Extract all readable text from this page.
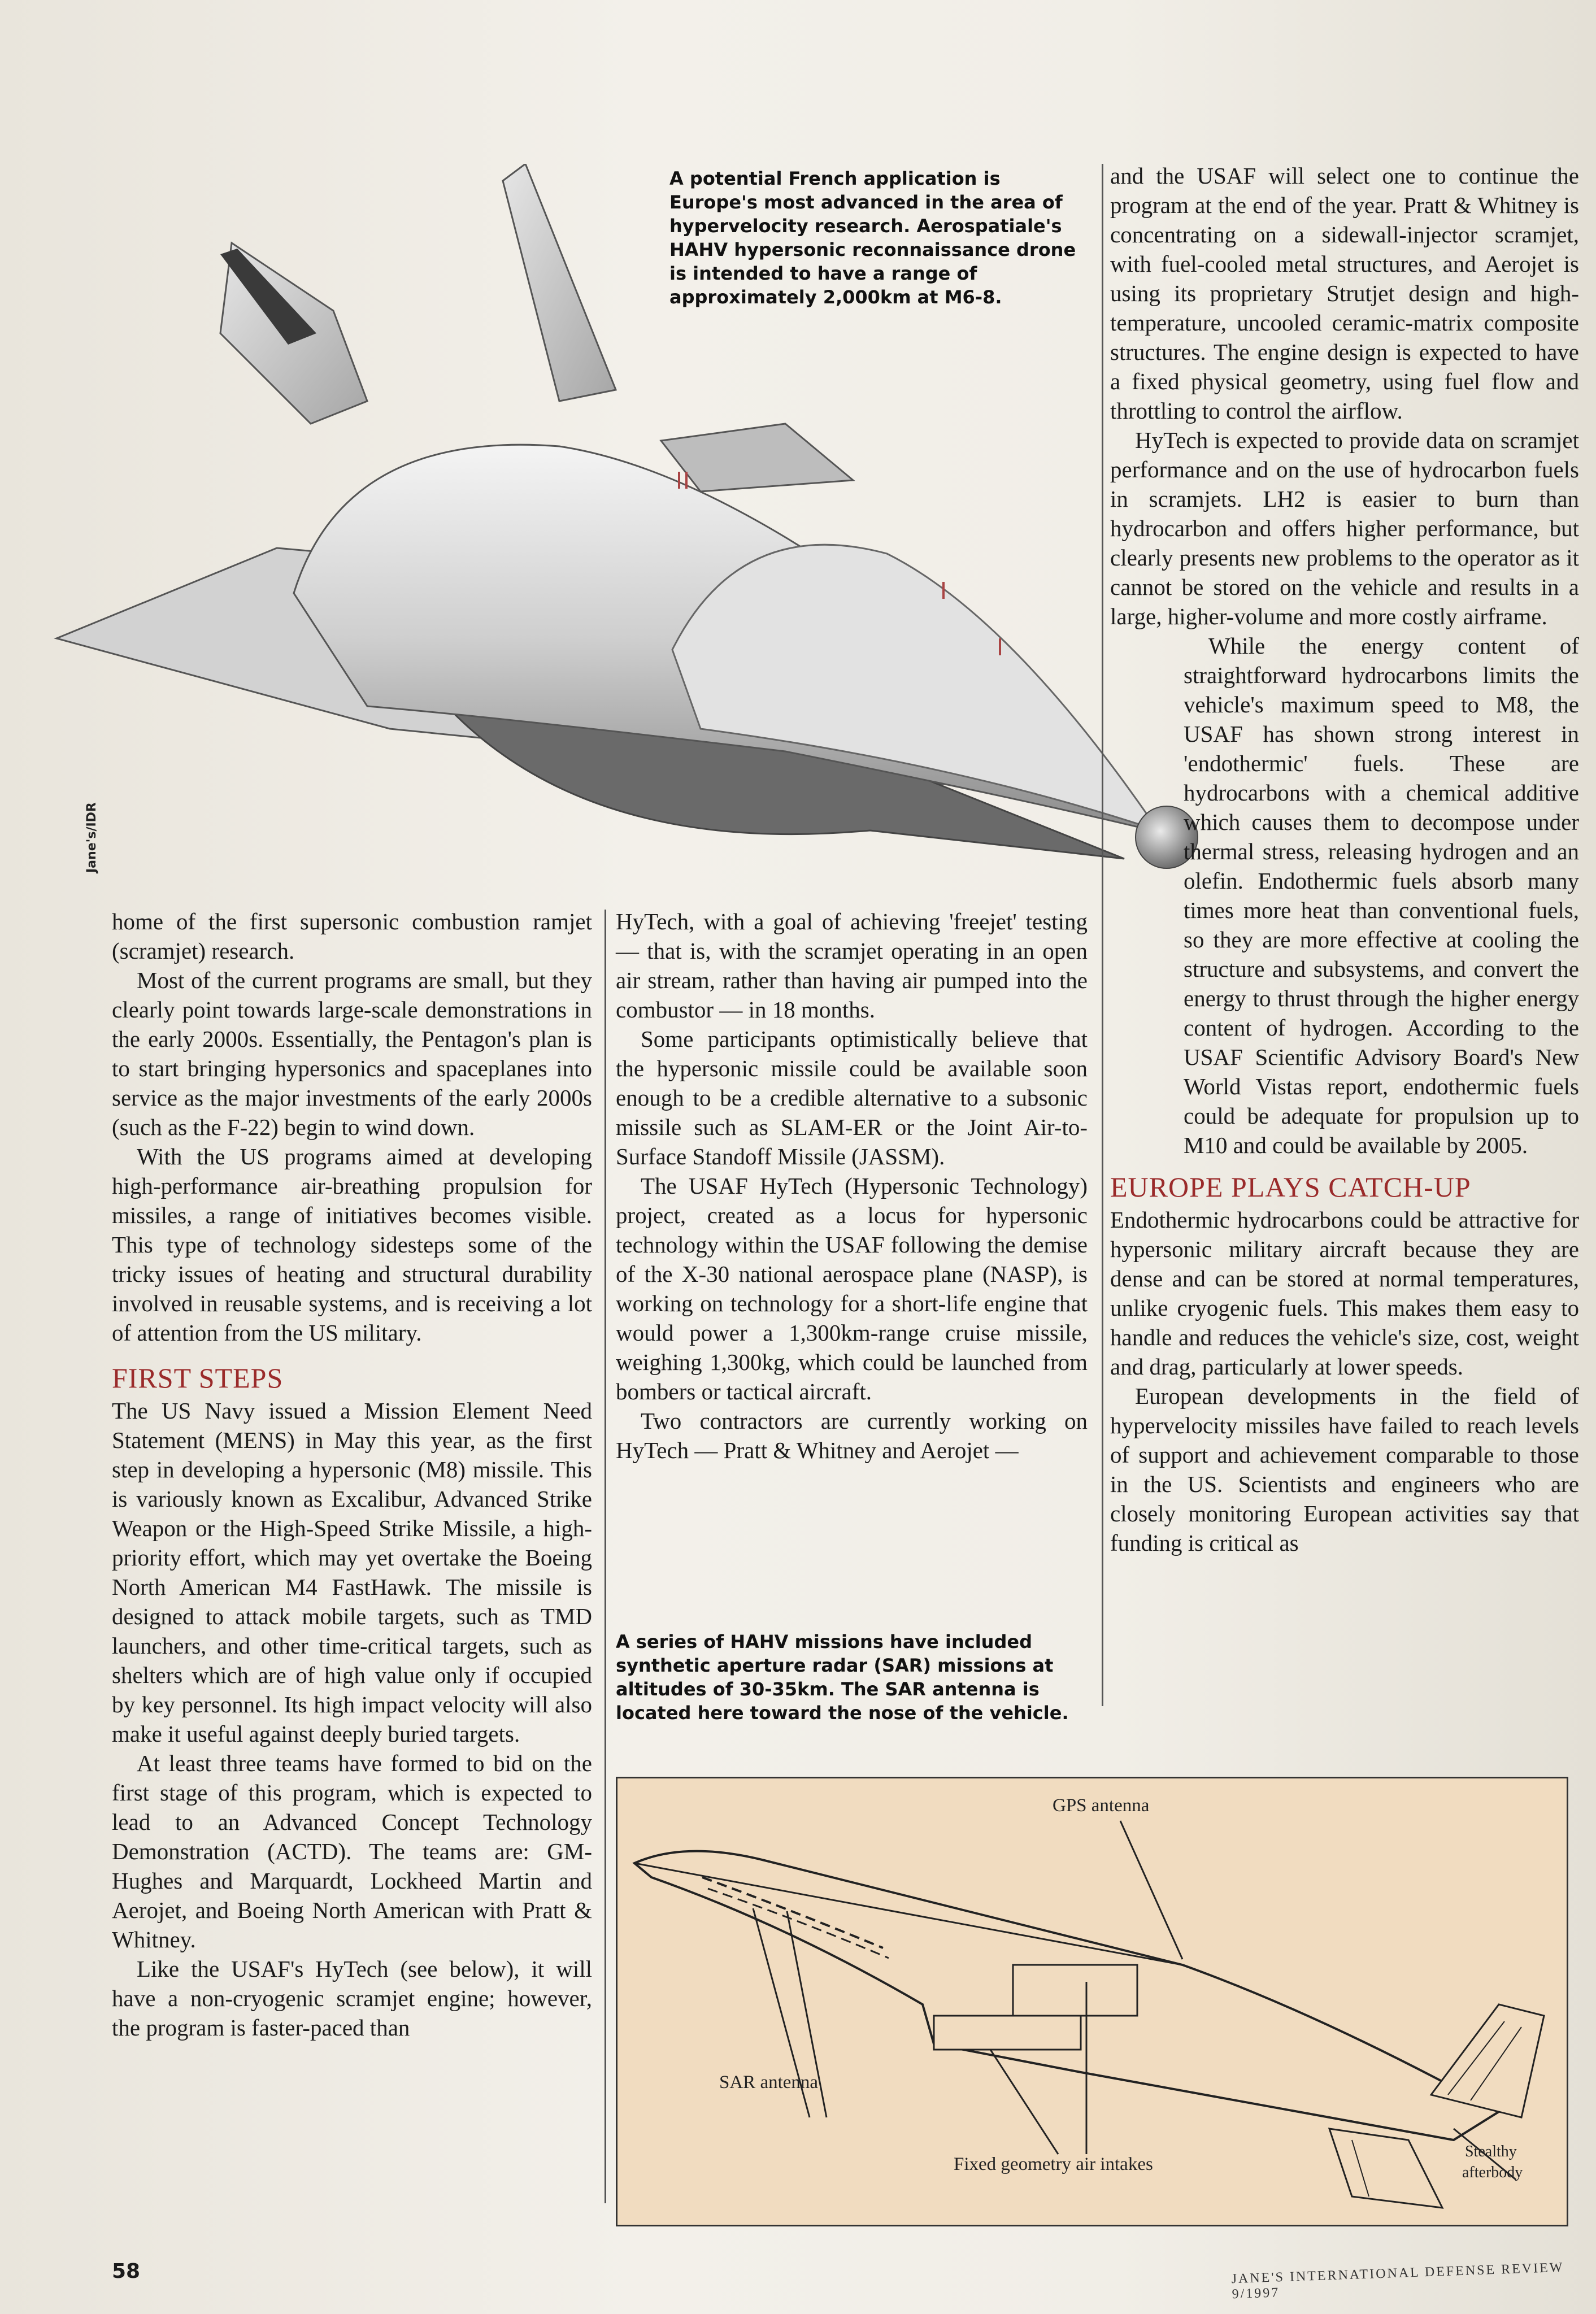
Jane's/IDR
A potential French application is Europe's most advanced in the area of hypervelocity research. Aerospatiale's HAHV hypersonic reconnaissance drone is intended to have a range of approximately 2,000km at M6-8.

home of the first supersonic combustion ramjet (scramjet) research.

Most of the current programs are small, but they clearly point towards large-scale demonstrations in the early 2000s. Essentially, the Pentagon's plan is to start bringing hypersonics and spaceplanes into service as the major investments of the early 2000s (such as the F-22) begin to wind down.

With the US programs aimed at developing high-performance air-breathing propulsion for missiles, a range of initiatives becomes visible. This type of technology sidesteps some of the tricky issues of heating and structural durability involved in reusable systems, and is receiving a lot of attention from the US military.

FIRST STEPS

The US Navy issued a Mission Element Need Statement (MENS) in May this year, as the first step in developing a hypersonic (M8) missile. This is variously known as Excalibur, Advanced Strike Weapon or the High-Speed Strike Missile, a high-priority effort, which may yet overtake the Boeing North American M4 FastHawk. The missile is designed to attack mobile targets, such as TMD launchers, and other time-critical targets, such as shelters which are of high value only if occupied by key personnel. Its high impact velocity will also make it useful against deeply buried targets.

At least three teams have formed to bid on the first stage of this program, which is expected to lead to an Advanced Concept Technology Demonstration (ACTD). The teams are: GM-Hughes and Marquardt, Lockheed Martin and Aerojet, and Boeing North American with Pratt & Whitney.

Like the USAF's HyTech (see below), it will have a non-cryogenic scramjet engine; however, the program is faster-paced than

HyTech, with a goal of achieving 'freejet' testing — that is, with the scramjet operating in an open air stream, rather than having air pumped into the combustor — in 18 months.

Some participants optimistically believe that the hypersonic missile could be available soon enough to be a credible alternative to a subsonic missile such as SLAM-ER or the Joint Air-to-Surface Standoff Missile (JASSM).

The USAF HyTech (Hypersonic Technology) project, created as a locus for hypersonic technology within the USAF following the demise of the X-30 national aerospace plane (NASP), is working on technology for a short-life engine that would power a 1,300km-range cruise missile, weighing 1,300kg, which could be launched from bombers or tactical aircraft.

Two contractors are currently working on HyTech — Pratt & Whitney and Aerojet —

A series of HAHV missions have included synthetic aperture radar (SAR) missions at altitudes of 30-35km. The SAR antenna is located here toward the nose of the vehicle.

and the USAF will select one to continue the program at the end of the year. Pratt & Whitney is concentrating on a sidewall-injector scramjet, with fuel-cooled metal structures, and Aerojet is using its proprietary Strutjet design and high-temperature, uncooled ceramic-matrix composite structures. The engine design is expected to have a fixed physical geometry, using fuel flow and throttling to control the airflow.

HyTech is expected to provide data on scramjet performance and on the use of hydrocarbon fuels in scramjets. LH2 is easier to burn than hydrocarbon and offers higher performance, but clearly presents new problems to the operator as it cannot be stored on the vehicle and results in a large, higher-volume and more costly airframe.

While the energy content of straightforward hydrocarbons limits the vehicle's maximum speed to M8, the USAF has shown strong interest in 'endothermic' fuels. These are hydrocarbons with a chemical additive which causes them to decompose under thermal stress, releasing hydrogen and an olefin. Endothermic fuels absorb many times more heat than conventional fuels, so they are more effective at cooling the structure and subsystems, and convert the energy to thrust through the higher energy content of hydrogen. According to the USAF Scientific Advisory Board's New World Vistas report, endothermic fuels could be adequate for propulsion up to M10 and could be available by 2005.

EUROPE PLAYS CATCH-UP

Endothermic hydrocarbons could be attractive for hypersonic military aircraft because they are dense and can be stored at normal temperatures, unlike cryogenic fuels. This makes them easy to handle and reduces the vehicle's size, cost, weight and drag, particularly at lower speeds.

European developments in the field of hypervelocity missiles have failed to reach levels of support and achievement comparable to those in the US. Scientists and engineers who are closely monitoring European activities say that funding is critical as

GPS antenna
SAR antenna
Fixed geometry air intakes
Stealthy
afterbody
58	JANE'S INTERNATIONAL DEFENSE REVIEW 9/1997
